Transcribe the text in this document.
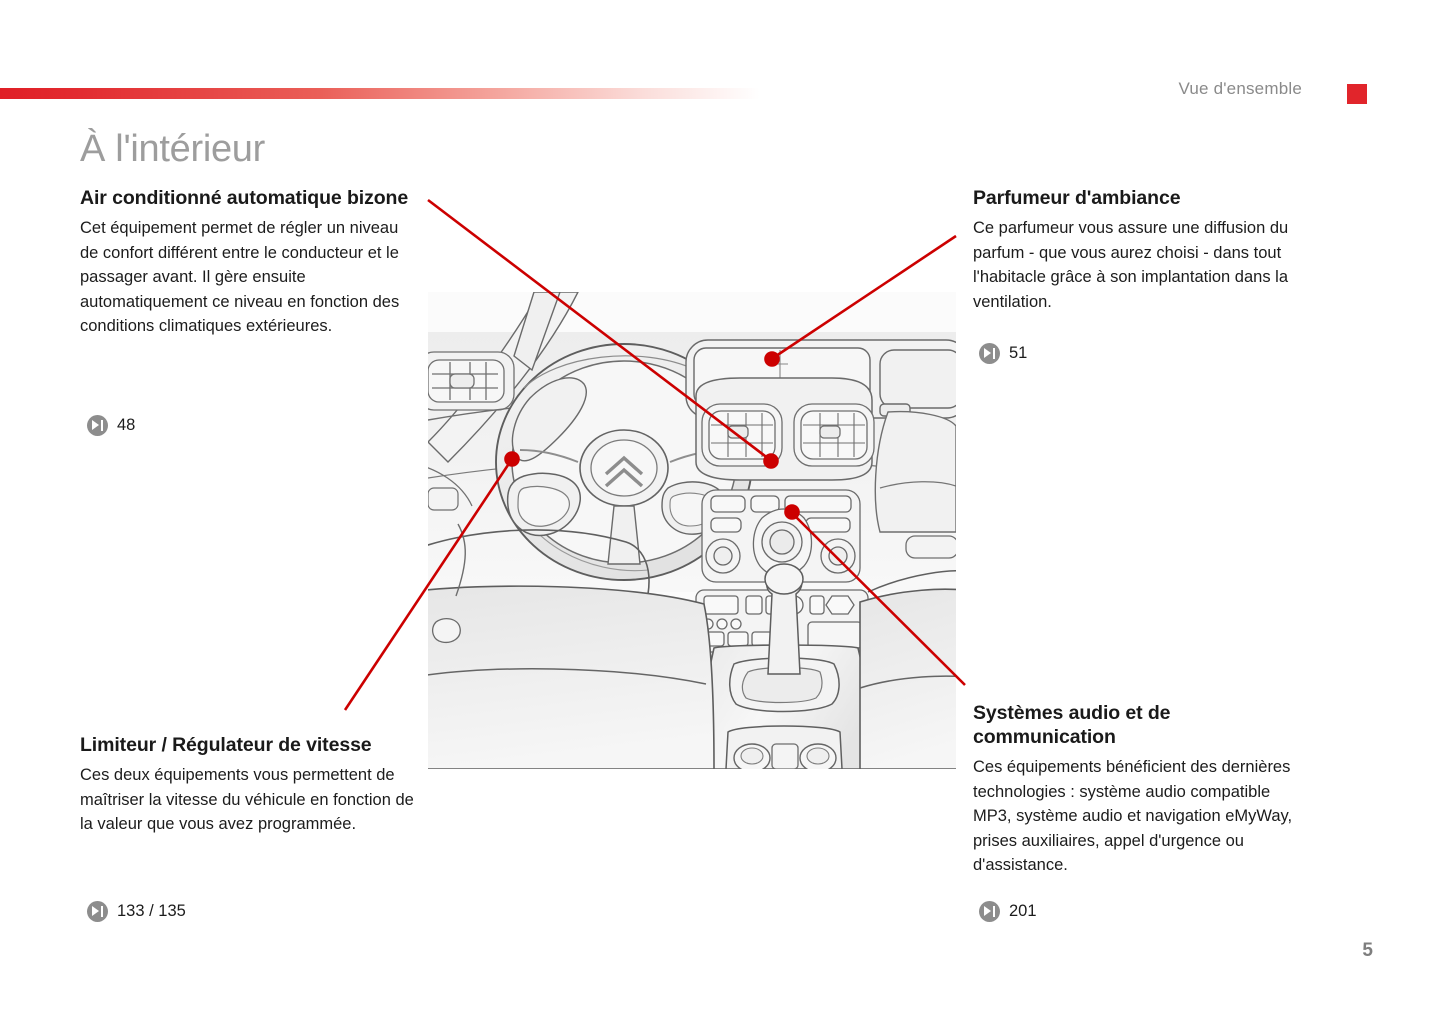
Vue d'ensemble
À l'intérieur
Air conditionné automatique bizone

Cet équipement permet de régler un niveau de confort différent entre le conducteur et le passager avant. Il gère ensuite automatiquement ce niveau en fonction des conditions climatiques extérieures.

48
Limiteur / Régulateur de vitesse

Ces deux équipements vous permettent de maîtriser la vitesse du véhicule en fonction de la valeur que vous avez programmée.

133 / 135
Parfumeur d'ambiance

Ce parfumeur vous assure une diffusion du parfum - que vous aurez choisi - dans tout l'habitacle grâce à son implantation dans la ventilation.

51
Systèmes audio et de communication

Ces équipements bénéficient des dernières technologies : système audio compatible MP3, système audio et navigation eMyWay, prises auxiliaires, appel d'urgence ou d'assistance.

201
5
